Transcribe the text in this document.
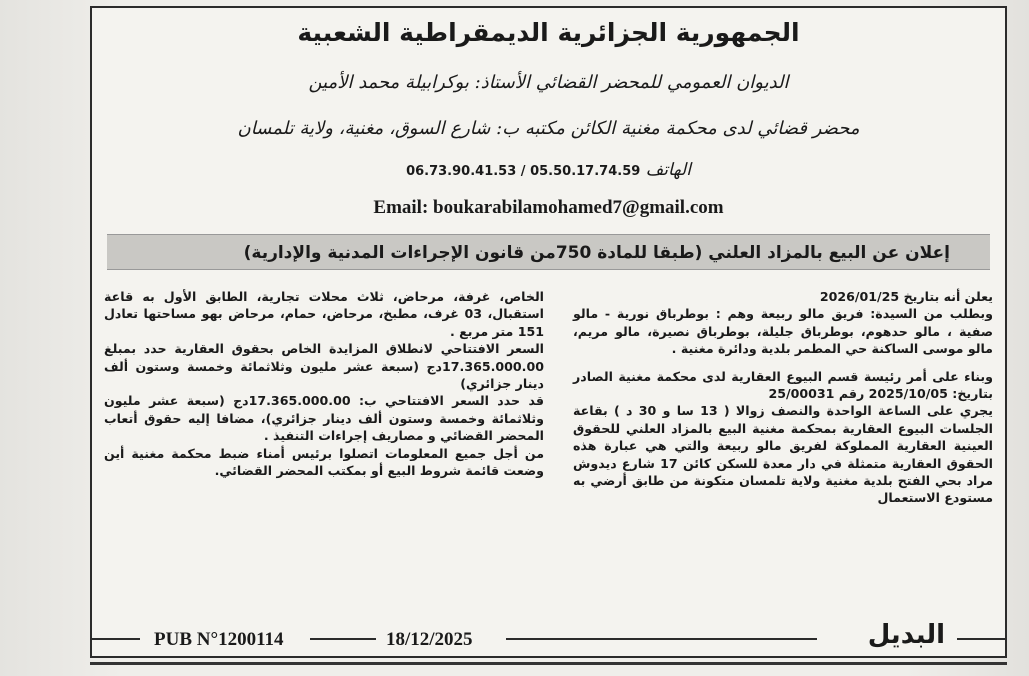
الجمهورية الجزائرية الديمقراطية الشعبية
الديوان العمومي للمحضر القضائي الأستاذ: بوكرابيلة محمد الأمين
محضر قضائي لدى محكمة مغنية الكائن مكتبه ب: شارع السوق، مغنية، ولاية تلمسان
الهاتف 06.73.90.41.53 / 05.50.17.74.59
Email: boukarabilamohamed7@gmail.com
إعلان عن البيع بالمزاد العلني (طبقا للمادة 750من قانون الإجراءات المدنية والإدارية)

يعلن أنه بتاريخ 2026/01/25

وبطلب من السيدة: فريق مالو ربيعة وهم : بوطرباق نورية - مالو صفية ، مالو حدهوم، بوطرباق جليلة، بوطرباق نصيرة، مالو مريم، مالو موسى الساكنة حي المطمر بلدية ودائرة مغنية .

وبناء على أمر رئيسة قسم البيوع العقارية لدى محكمة مغنية الصادر بتاريخ: 2025/10/05 رقم 25/00031

يجري على الساعة الواحدة والنصف زوالا ( 13 سا و 30 د ) بقاعة الجلسات البيوع العقارية بمحكمة مغنية البيع بالمزاد العلني للحقوق العينية العقارية المملوكة لفريق مالو ربيعة والتي هي عبارة هذه الحقوق العقارية متمثلة في دار معدة للسكن كائن 17 شارع ديدوش مراد بحي الفتح بلدية مغنية ولاية تلمسان متكونة من طابق أرضي به مستودع الاستعمال

الخاص، غرفة، مرحاض، ثلاث محلات تجارية، الطابق الأول به قاعة استقبال، 03 غرف، مطبخ، مرحاض، حمام، مرحاض بهو مساحتها تعادل 151 متر مربع .

السعر الافتتاحي لانطلاق المزايدة الخاص بحقوق العقارية حدد بمبلغ 17.365.000.00دج (سبعة عشر مليون وثلاثمائة وخمسة وستون ألف دينار جزائري)

قد حدد السعر الافتتاحي ب: 17.365.000.00دج (سبعة عشر مليون وثلاثمائة وخمسة وستون ألف دينار جزائري)، مضافا إليه حقوق أتعاب المحضر القضائي و مصاريف إجراءات التنفيذ .

من أجل جميع المعلومات اتصلوا برئيس أمناء ضبط محكمة مغنية أين وضعت قائمة شروط البيع أو بمكتب المحضر القضائي.

PUB N°1200114	18/12/2025	البديل
